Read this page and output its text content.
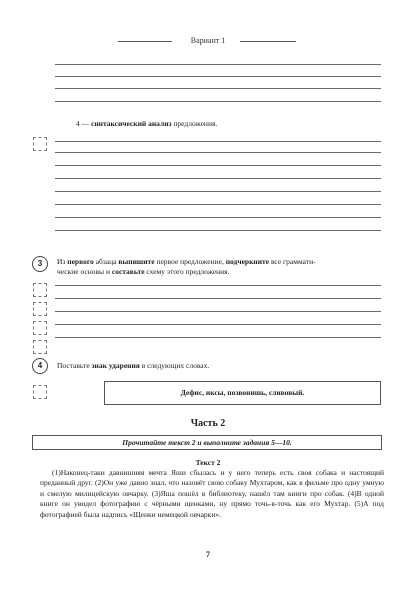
Вариант 1
4 — синтаксический анализ предложения.
3	Из первого абзаца выпишите первое предложение, подчеркните все граммати-
ческие основы и составьте схему этого предложения.
4	Поставьте знак ударения в следующих словах.
Дефис, иксы, позвонишь, сливовый.
Часть 2
Прочитайте текст 2 и выполните задания 5—10.
Текст 2
(1)Наконец-таки давнишняя мечта Яши сбылась и у него теперь есть своя собака и настоящий преданный друг. (2)Он уже давно знал, что назовёт свою собаку Мухтаром, как в фильме про одну умную и смелую милицейскую овчарку. (3)Яша пошёл в библиотеку, нашёл там книги про собак. (4)В одной книге он увидел фотографию с чёрными щенками, ну прямо точь-в-точь как его Мухтар. (5)А под фотографией была надпись «Щенки немецкой овчарки».
7
